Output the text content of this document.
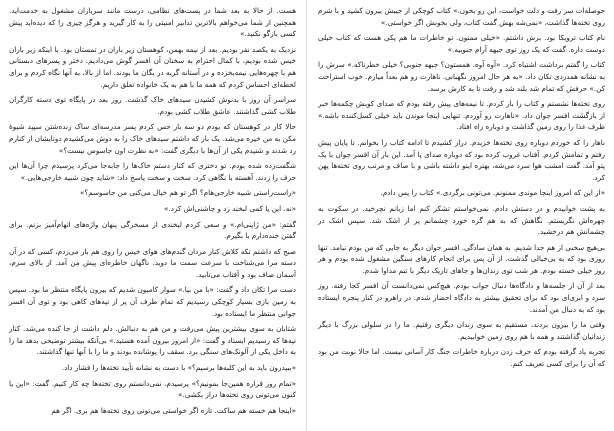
حوصله‌ات سر رفت و دلت خواست، این رو بخون.» کتاب کوچکی از جیبش بیرون کشید و با شرم روی تخته‌ها گذاشت، «نمی‌شه بهش گفت کتاب، ولی بخونش اگر خواستی.»

نام کتاب ترویکا بود. برش داشتم. «خیلی ممنون. تو خاطرات ما هم یکی هست که کتاب خیلی دوست داره. گفت که یک روز توی جبهه آرام جنوبیه.»

کتاب را گفتم برداشت اشتباه کرد. «آوه آوه، همستون؟ جبهه جنوبی؟ خیلی خطرناکه.» سرش را به نشانه همدردی تکان داد. «به هر حال امروز نگهبانی. ناهارت رو هم بعداً میارم. خوب استراحت کن.» حرفش که تمام شد بلند شد و رفت تا به کارش برسد.

روی تخته‌ها نشستم و کتاب را باز کردم. تا نیمه‌های پیش رفته بودم که صدای کوبش چکمه‌ها خبر از بازگشت افسر جوان داد. «ناهارت رو آوردم. تنهایی اینجا موندن باید خیلی کسل‌کننده باشه.» ظرف غذا را روی زمین گذاشت و دوباره راه افتاد.

ناهار را که خوردم دوباره روی تخته‌ها خزیدم. دراز کشیدم تا ادامه کتاب را بخوانم. تا پایان پیش رفتم و تمامش کردم. آفتاب غروب کرده بود که دوباره صدای پا آمد. این بار آن افسر جوان با یک پتو آمد. گفت امشب هوا سرد می‌شه، بهتره اینو داشته باشی و با صاف و مرتب روی تخته‌ها پهن کرد.

«از این که امروز اینجا موندی ممنونم. می‌تونی برگردی.» کتاب را پس دادم.

به پشت خوابیدم و در دستش دادم. نمی‌خواستم تشکر کنم اما زبانم نچرخید. در سکوت به چهره‌اش نگریستم. نگاهش که به هم گره خورد چشمانم پر از اشک شد. سپس اشک در چشمانش هم درخشید.

بی‌هیچ سخنی از هم جدا شدیم. به همان سادگی. افسر جوان دیگر به جایی که من بودم نیامد. تنها روزی بود که به بی‌خیالی گذشت. از آن پس برای انجام کارهای سنگین مشغول شده بودم و هر روز خیلی خسته بودم. هر شب توی زندان‌ها و جاهای تاریک دیگر با تنم مداوا شدم.

بعد از آن از جلسه‌ها و دادگاه‌ها دنبال جواب بودم. هیچ‌کس نمی‌دانست آن افسر کجا رفته. روز سرد و ابری‌ای بود که برای تحقیق بیشتر به دادگاه احضار شدم. در راهرو در کنار پنجره ایستاده بود که به دنبال من آمدند.

وقتی ما را بیرون بردند، مستقیم به سوی زندان دیگری رفتیم. ما را در سلولی بزرگ با دیگر زندانیان گذاشتند و همه با هم روی زمین خوابیدیم.

تجربه یاد گرفته بودم که حرف زدن درباره خاطرات جنگ کار آسانی نیست. اما حالا نوبت من بود که آن را برای کسی تعریف کنم.

هست. از حالا به بعد شما در پست‌های نظامی، درست مانند سربازان مشغول به خدمت‌اید. همچنین از شما می‌خواهم بالاترین تدابیر امنیتی را به کار گیرید و هرگز چیزی را که دیده‌اید پیش کسی بازگو نکنید.»

نزدیک به یکصد نفر بودیم. بعد از نیمه بهمن، کوهستان زیر باران در تمستان بود. با اینکه زیر باران خیس شده بودیم، با کمال احترام به سخنان آن افسر گوش می‌دادیم. دختر و پسرهای دبستانی هم با چهره‌هایی نیمه‌بخزده و در آستانه گریه در یگان ما بودند. اما از بالا، به آنها نگاه کردم و برای لحظه‌ای احساس کردم که همه ما با هم به یک خانواده تعلق داریم.

سراسر آن روز با بدنوش کشیدن سیدهای خاک گذشت. روز بعد در پایگاه توی دسته کارگران طلاب کشی گذاشتند. عاشق طلاب کشی بودم.

حالا کار در کوهستان که بودم دو سه بار حس کردم پسر مدرسه‌ای ساک زنده‌شتن سپید شیوهٔ مکن به من خیره می‌شد. یک بار که داشتم سیدهای خاک را به دوش می‌کشیدم دوتایشان از کنارم رد شدند و شنیدم یکی از آن‌ها با دیگری گفت: «به نظرت اون جاسوس نیست؟»

شگفت‌زده شده بودم. تو دختری که کنار دستم خاک‌ها را جابه‌جا می‌کرد پرسیدم چرا آن‌ها این حرف را زدند. آهسته با نگاهی کرد. سخت و سخت پاسخ داد: «شاید چون شبیه خارجی‌هایی.»

«راست‌راستی شبیه خارجی‌هام؟ اگر تو هم خیال می‌کنی من جاسوسم؟»

«نه. این یا کمی لبخند زد و چاشنی‌اش کرد.»

گفتم: «من ژاپنی‌ام.» و سعی کردم لبخندی از مسخرگی پنهان واژه‌های اتهام‌آمیز بزنم. برای گفتن خنده‌دارم با بگیرم.

صبح که داشتم تکه کلاش کنار مردان گندم‌های هوای خیس را روی هم بار می‌زدم، کسی که در آن دسته مرا می‌شناخت با سرعت سمت ما دوید. ناگهان خاطره‌ای پیش من آمد. از بالای سرم، آسمان صاف بود و آفتاب می‌تابید.

دست مرا تکان داد و گفت: «با من بیا.» سوار کامیون شدیم که بیرون پایگاه منتظر ما بود. سپس به زمین بازی بسیار کوچکی رسیدیم که تمام طرف آن پر از تپه‌های کاهی بود و توی آن افسر جوانی منتظر ما ایستاده بود.

شتابان به سوی بیشترین پیش می‌رفت و من هم به دنبالش. دلم داشت از جا کنده می‌شد. کنار تپه‌ها که رسیدیم ایستاد و گفت: «از امروز بیرون آمده هستید.» بی‌آنکه بیشتر توضیحی بدهد ما را به داخل یکی از آلونک‌های سنگی برد. سقف را پوشانده بودند و ما را با آنها تنها گذاشتند.

«ببیدرون باید به این کلبه‌ها برسیم؟» با دست به نشانه تأیید تخته‌ها را فشار داد.

«تمام روز قراره همین‌جا بمونیم؟» پرسیدم. نمی‌دانستم روی تخته‌ها چه کار کنیم. گفت: «این یا کنون می‌تونی روی تخته‌ها دراز بکشی.»

«اینجا هم خسته هم ساکت. تازه اگر خواستی می‌تونی روی تخته‌ها هم بری. اگر هم
